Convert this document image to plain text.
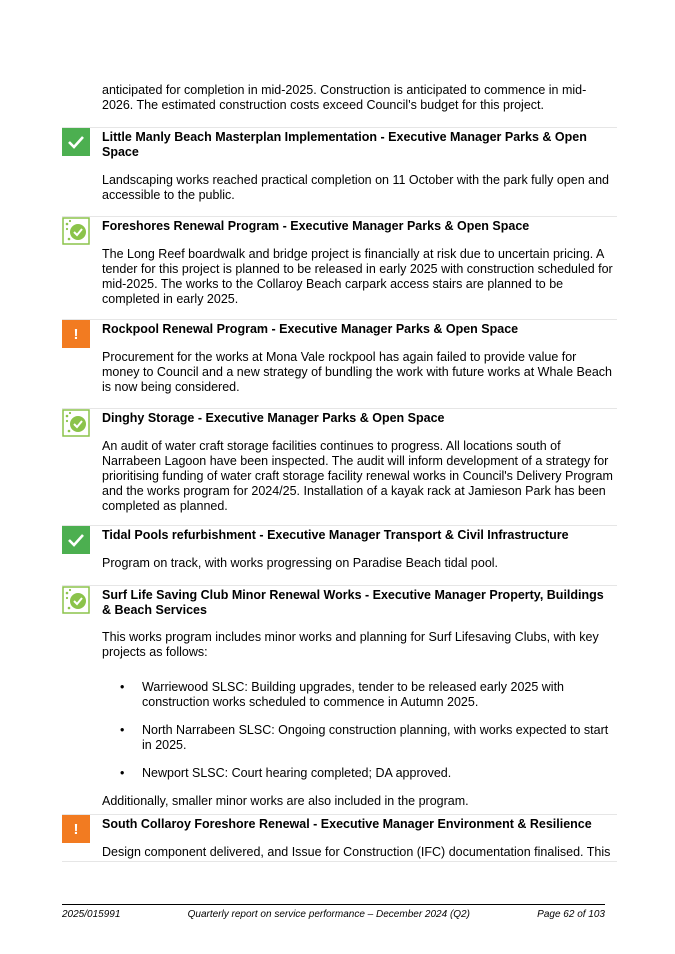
anticipated for completion in mid-2025. Construction is anticipated to commence in mid-2026. The estimated construction costs exceed Council's budget for this project.
Little Manly Beach Masterplan Implementation - Executive Manager Parks & Open Space
Landscaping works reached practical completion on 11 October with the park fully open and accessible to the public.
Foreshores Renewal Program - Executive Manager Parks & Open Space
The Long Reef boardwalk and bridge project is financially at risk due to uncertain pricing. A tender for this project is planned to be released in early 2025 with construction scheduled for mid-2025. The works to the Collaroy Beach carpark access stairs are planned to be completed in early 2025.
! Rockpool Renewal Program - Executive Manager Parks & Open Space
Procurement for the works at Mona Vale rockpool has again failed to provide value for money to Council and a new strategy of bundling the work with future works at Whale Beach is now being considered.
Dinghy Storage - Executive Manager Parks & Open Space
An audit of water craft storage facilities continues to progress. All locations south of Narrabeen Lagoon have been inspected. The audit will inform development of a strategy for prioritising funding of water craft storage facility renewal works in Council's Delivery Program and the works program for 2024/25. Installation of a kayak rack at Jamieson Park has been completed as planned.
Tidal Pools refurbishment - Executive Manager Transport & Civil Infrastructure
Program on track, with works progressing on Paradise Beach tidal pool.
Surf Life Saving Club Minor Renewal Works - Executive Manager Property, Buildings & Beach Services
This works program includes minor works and planning for Surf Lifesaving Clubs, with key projects as follows:
• Warriewood SLSC: Building upgrades, tender to be released early 2025 with construction works scheduled to commence in Autumn 2025.
• North Narrabeen SLSC: Ongoing construction planning, with works expected to start in 2025.
• Newport SLSC: Court hearing completed; DA approved.
Additionally, smaller minor works are also included in the program.
! South Collaroy Foreshore Renewal - Executive Manager Environment & Resilience
Design component delivered, and Issue for Construction (IFC) documentation finalised. This
2025/015991	Quarterly report on service performance – December 2024 (Q2)	Page 62 of 103
